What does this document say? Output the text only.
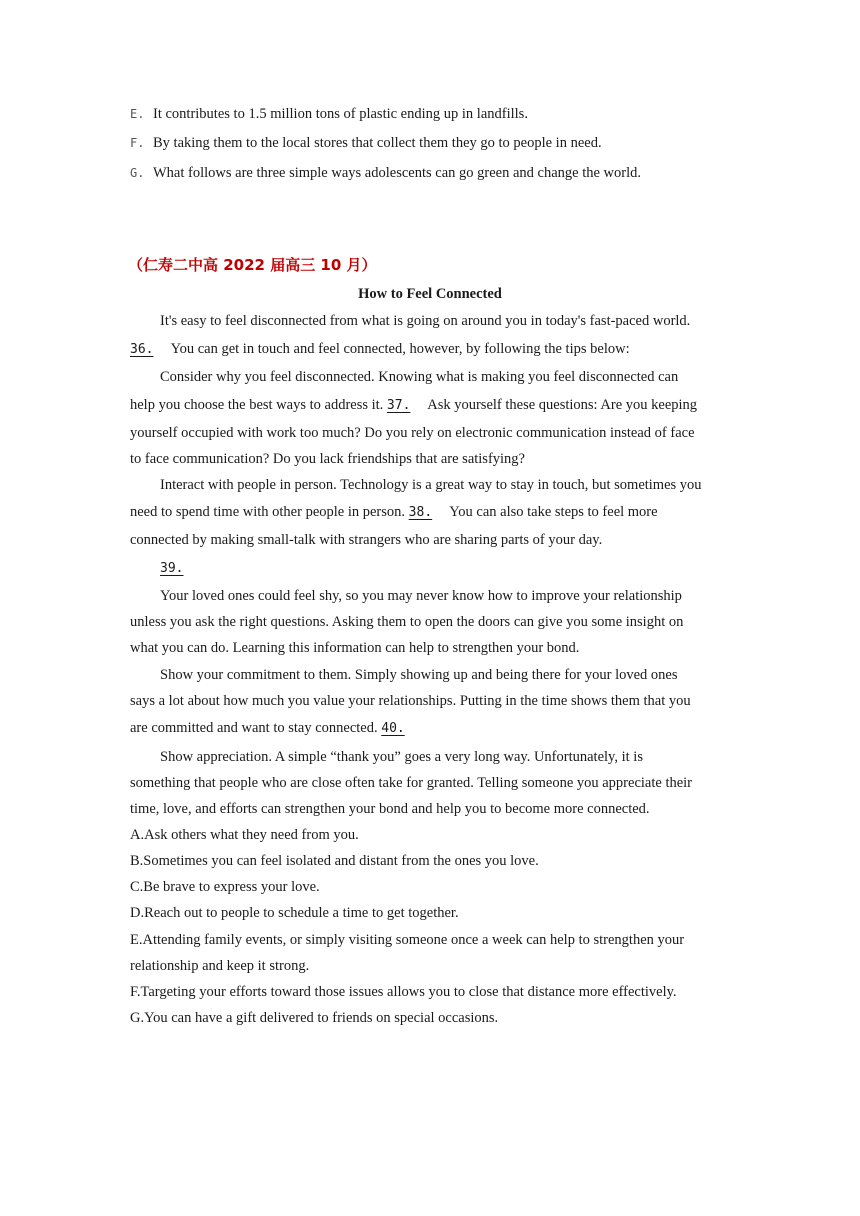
E. It contributes to 1.5 million tons of plastic ending up in landfills.
F. By taking them to the local stores that collect them they go to people in need.
G. What follows are three simple ways adolescents can go green and change the world.
（仁寿二中高 2022 届高三 10 月）
How to Feel Connected
It's easy to feel disconnected from what is going on around you in today's fast-paced world.
36. You can get in touch and feel connected, however, by following the tips below:
Consider why you feel disconnected. Knowing what is making you feel disconnected can
help you choose the best ways to address it. 37. Ask yourself these questions: Are you keeping
yourself occupied with work too much? Do you rely on electronic communication instead of face
to face communication? Do you lack friendships that are satisfying?
Interact with people in person. Technology is a great way to stay in touch, but sometimes you
need to spend time with other people in person. 38. You can also take steps to feel more
connected by making small-talk with strangers who are sharing parts of your day.
39.
Your loved ones could feel shy, so you may never know how to improve your relationship
unless you ask the right questions. Asking them to open the doors can give you some insight on
what you can do. Learning this information can help to strengthen your bond.
Show your commitment to them. Simply showing up and being there for your loved ones
says a lot about how much you value your relationships. Putting in the time shows them that you
are committed and want to stay connected. 40.
Show appreciation. A simple “thank you” goes a very long way. Unfortunately, it is
something that people who are close often take for granted. Telling someone you appreciate their
time, love, and efforts can strengthen your bond and help you to become more connected.
A.Ask others what they need from you.
B.Sometimes you can feel isolated and distant from the ones you love.
C.Be brave to express your love.
D.Reach out to people to schedule a time to get together.
E.Attending family events, or simply visiting someone once a week can help to strengthen your
relationship and keep it strong.
F.Targeting your efforts toward those issues allows you to close that distance more effectively.
G.You can have a gift delivered to friends on special occasions.
